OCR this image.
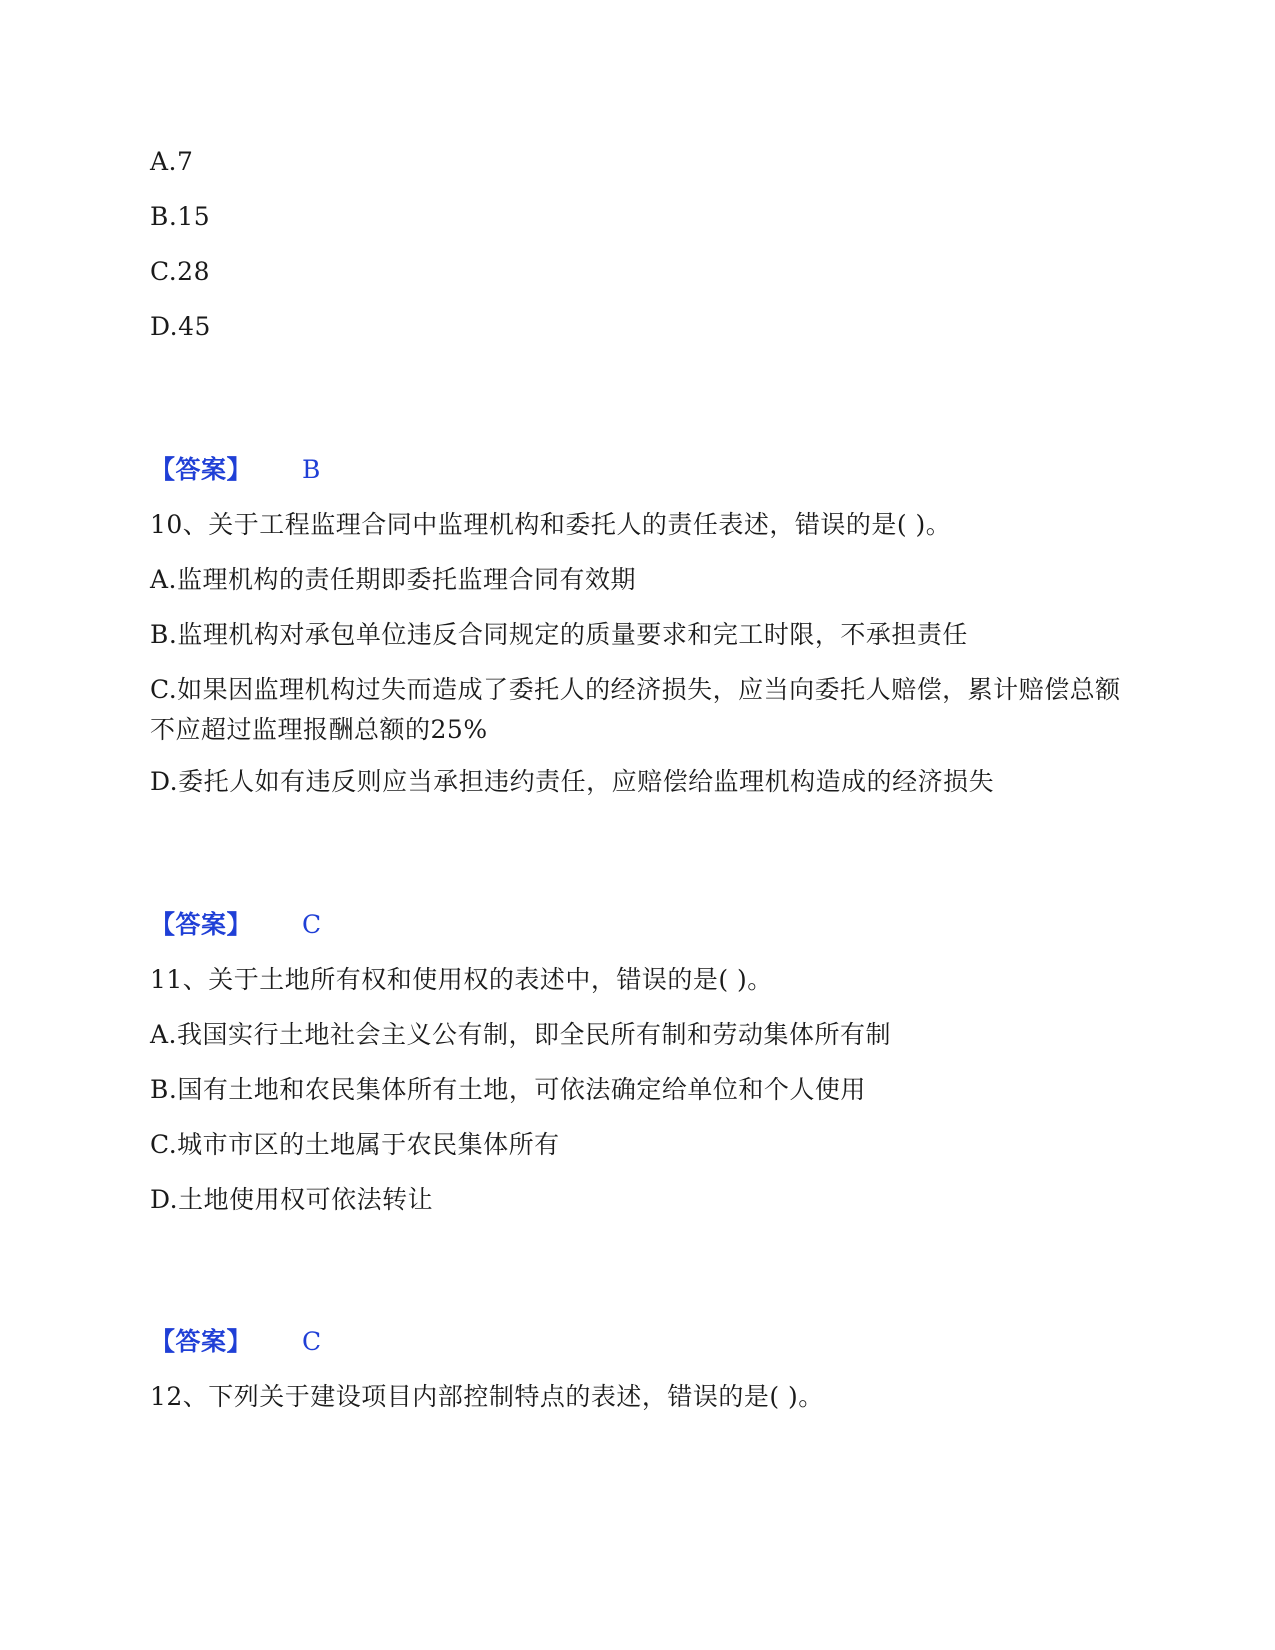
A.7
B.15
C.28
D.45
【答案】 B
10、关于工程监理合同中监理机构和委托人的责任表述，错误的是( )。
A.监理机构的责任期即委托监理合同有效期
B.监理机构对承包单位违反合同规定的质量要求和完工时限，不承担责任
C.如果因监理机构过失而造成了委托人的经济损失，应当向委托人赔偿，累计赔偿总额不应超过监理报酬总额的25%
D.委托人如有违反则应当承担违约责任，应赔偿给监理机构造成的经济损失
【答案】 C
11、关于土地所有权和使用权的表述中，错误的是( )。
A.我国实行土地社会主义公有制，即全民所有制和劳动集体所有制
B.国有土地和农民集体所有土地，可依法确定给单位和个人使用
C.城市市区的土地属于农民集体所有
D.土地使用权可依法转让
【答案】 C
12、下列关于建设项目内部控制特点的表述，错误的是( )。
